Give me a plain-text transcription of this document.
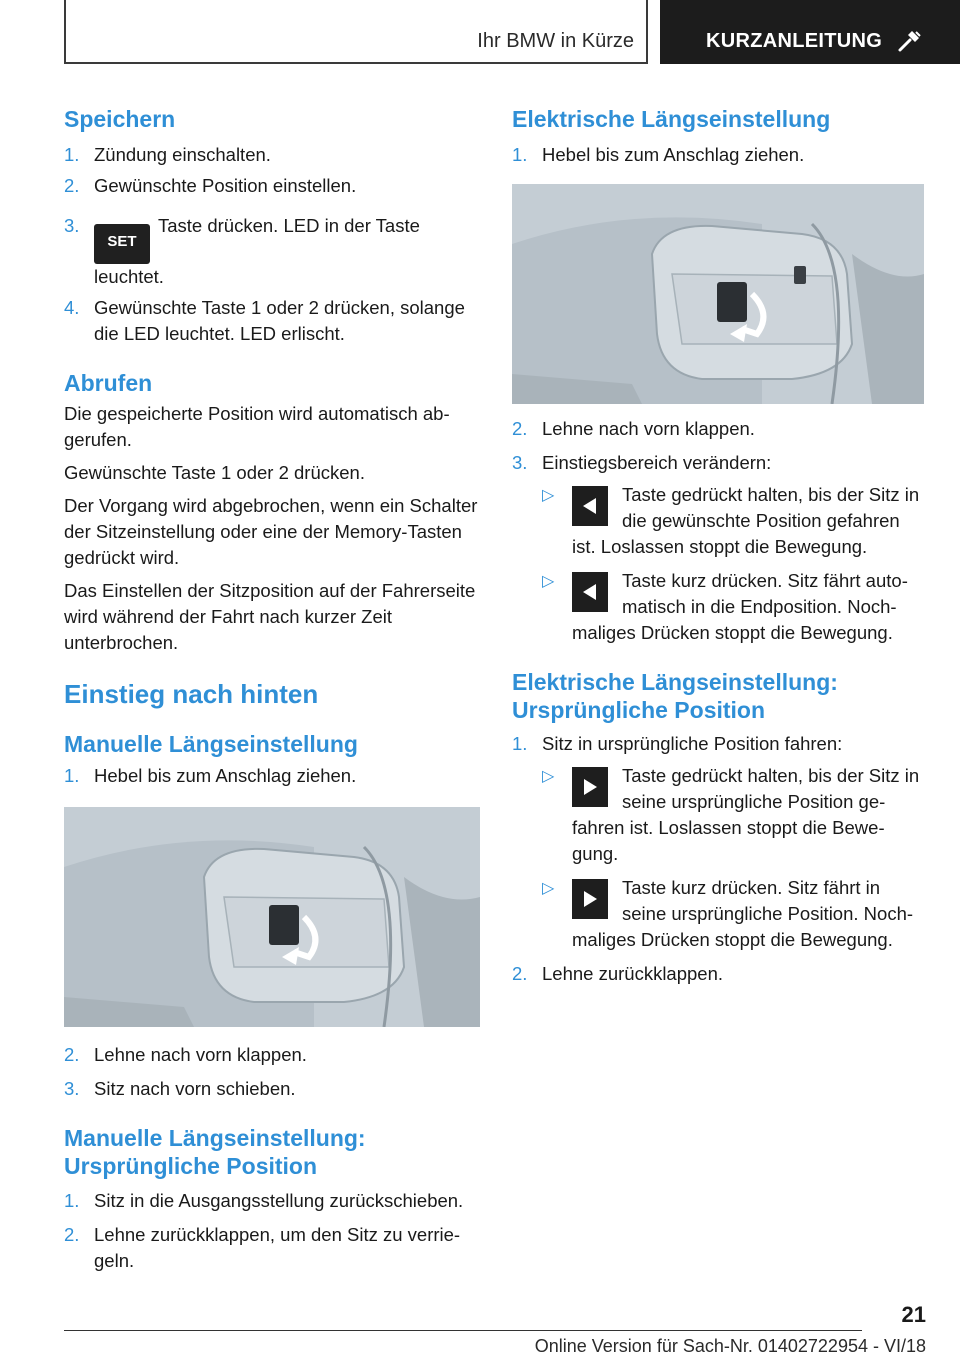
Ihr BMW in Kürze	KURZANLEITUNG
Speichern
1. Zündung einschalten.
2. Gewünschte Position einstellen.
3.
SETTaste drücken. LED in der Taste leuchtet.
4. Gewünschte Taste 1 oder 2 drücken, solange die LED leuchtet. LED erlischt.
Abrufen
Die gespeicherte Position wird automatisch abgerufen.
Gewünschte Taste 1 oder 2 drücken.
Der Vorgang wird abgebrochen, wenn ein Schalter der Sitzeinstellung oder eine der Memory-Tasten gedrückt wird.
Das Einstellen der Sitzposition auf der Fahrerseite wird während der Fahrt nach kurzer Zeit unterbrochen.
Einstieg nach hinten
Manuelle Längseinstellung
1. Hebel bis zum Anschlag ziehen.
2. Lehne nach vorn klappen.
3. Sitz nach vorn schieben.
Manuelle Längseinstellung:
Ursprüngliche Position
1. Sitz in die Ausgangsstellung zurückschieben.
2. Lehne zurückklappen, um den Sitz zu verriegeln.
Elektrische Längseinstellung
1. Hebel bis zum Anschlag ziehen.
2. Lehne nach vorn klappen.
3. Einstiegsbereich verändern:
▷	Taste gedrückt halten, bis der Sitz in die gewünschte Position gefahren ist. Loslassen stoppt die Bewegung.
▷	Taste kurz drücken. Sitz fährt automatisch in die Endposition. Nochmaliges Drücken stoppt die Bewegung.
Elektrische Längseinstellung:
Ursprüngliche Position
1. Sitz in ursprüngliche Position fahren:
▷	Taste gedrückt halten, bis der Sitz in seine ursprüngliche Position gefahren ist. Loslassen stoppt die Bewegung.
▷	Taste kurz drücken. Sitz fährt in seine ursprüngliche Position. Nochmaliges Drücken stoppt die Bewegung.
2. Lehne zurückklappen.
21
Online Version für Sach-Nr. 01402722954 - VI/18
